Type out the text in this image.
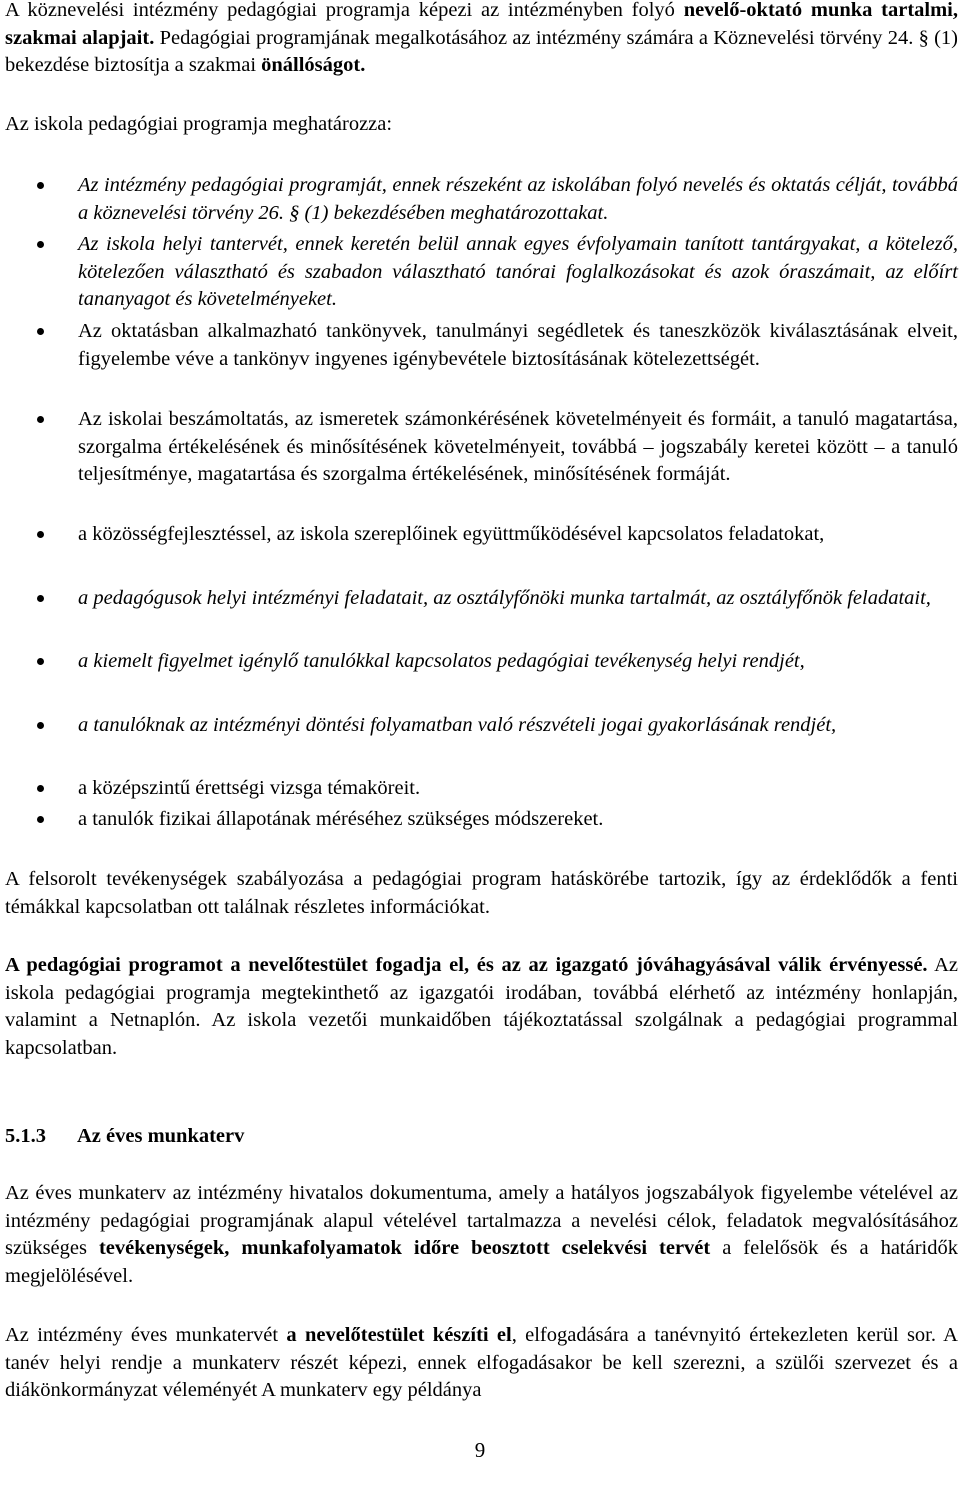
A köznevelési intézmény pedagógiai programja képezi az intézményben folyó nevelő-oktató munka tartalmi, szakmai alapjait. Pedagógiai programjának megalkotásához az intézmény számára a Köznevelési törvény 24. § (1) bekezdése biztosítja a szakmai önállóságot.

Az iskola pedagógiai programja meghatározza:

Az intézmény pedagógiai programját, ennek részeként az iskolában folyó nevelés és oktatás célját, továbbá a köznevelési törvény 26. § (1) bekezdésében meghatározottakat.

Az iskola helyi tantervét, ennek keretén belül annak egyes évfolyamain tanított tantárgyakat, a kötelező, kötelezően választható és szabadon választható tanórai foglalkozásokat és azok óraszámait, az előírt tananyagot és követelményeket.

Az oktatásban alkalmazható tankönyvek, tanulmányi segédletek és taneszközök kiválasztásának elveit, figyelembe véve a tankönyv ingyenes igénybevétele biztosításának kötelezettségét.

Az iskolai beszámoltatás, az ismeretek számonkérésének követelményeit és formáit, a tanuló magatartása, szorgalma értékelésének és minősítésének követelményeit, továbbá – jogszabály keretei között – a tanuló teljesítménye, magatartása és szorgalma értékelésének, minősítésének formáját.

a közösségfejlesztéssel, az iskola szereplőinek együttműködésével kapcsolatos feladatokat,

a pedagógusok helyi intézményi feladatait, az osztályfőnöki munka tartalmát, az osztályfőnök feladatait,

a kiemelt figyelmet igénylő tanulókkal kapcsolatos pedagógiai tevékenység helyi rendjét,

a tanulóknak az intézményi döntési folyamatban való részvételi jogai gyakorlásának rendjét,

a középszintű érettségi vizsga témaköreit.

a tanulók fizikai állapotának méréséhez szükséges módszereket.

A felsorolt tevékenységek szabályozása a pedagógiai program hatáskörébe tartozik, így az érdeklődők a fenti témákkal kapcsolatban ott találnak részletes információkat.

A pedagógiai programot a nevelőtestület fogadja el, és az az igazgató jóváhagyásával válik érvényessé. Az iskola pedagógiai programja megtekinthető az igazgatói irodában, továbbá elérhető az intézmény honlapján, valamint a Netnaplón. Az iskola vezetői munkaidőben tájékoztatással szolgálnak a pedagógiai programmal kapcsolatban.

5.1.3 Az éves munkaterv

Az éves munkaterv az intézmény hivatalos dokumentuma, amely a hatályos jogszabályok figyelembe vételével az intézmény pedagógiai programjának alapul vételével tartalmazza a nevelési célok, feladatok megvalósításához szükséges tevékenységek, munkafolyamatok időre beosztott cselekvési tervét a felelősök és a határidők megjelölésével.

Az intézmény éves munkatervét a nevelőtestület készíti el, elfogadására a tanévnyitó értekezleten kerül sor. A tanév helyi rendje a munkaterv részét képezi, ennek elfogadásakor be kell szerezni, a szülői szervezet és a diákönkormányzat véleményét A munkaterv egy példánya

9
